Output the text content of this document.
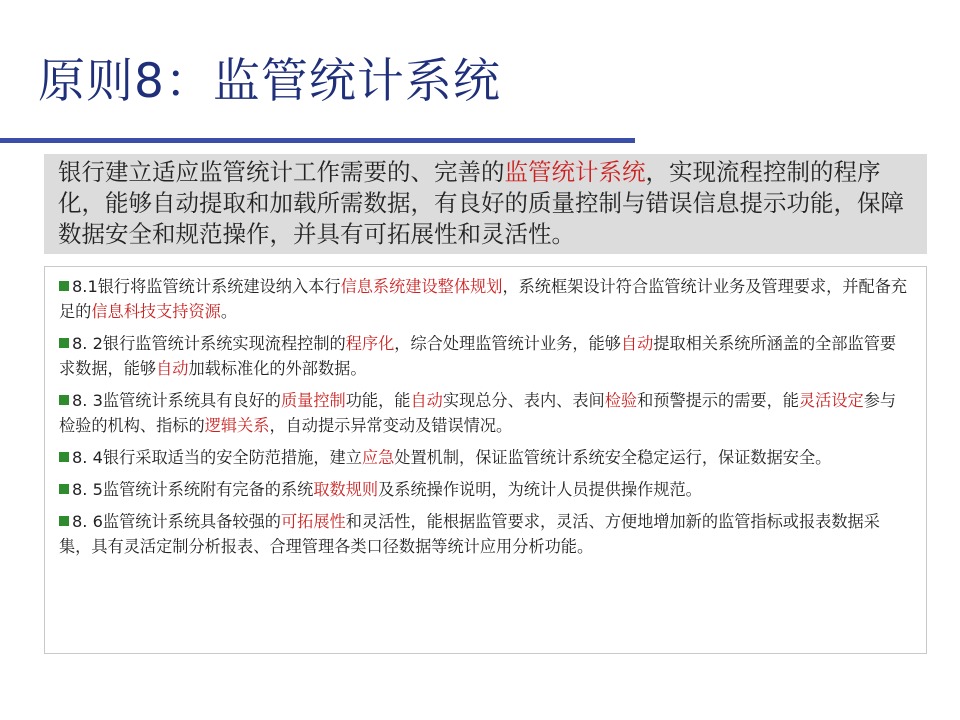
原则8：监管统计系统
银行建立适应监管统计工作需要的、完善的监管统计系统，实现流程控制的程序化，能够自动提取和加载所需数据，有良好的质量控制与错误信息提示功能，保障数据安全和规范操作，并具有可拓展性和灵活性。
8.1银行将监管统计系统建设纳入本行信息系统建设整体规划，系统框架设计符合监管统计业务及管理要求，并配备充足的信息科技支持资源。
8. 2银行监管统计系统实现流程控制的程序化，综合处理监管统计业务，能够自动提取相关系统所涵盖的全部监管要求数据，能够自动加载标准化的外部数据。
8. 3监管统计系统具有良好的质量控制功能，能自动实现总分、表内、表间检验和预警提示的需要，能灵活设定参与检验的机构、指标的逻辑关系，自动提示异常变动及错误情况。
8. 4银行采取适当的安全防范措施，建立应急处置机制，保证监管统计系统安全稳定运行，保证数据安全。
8. 5监管统计系统附有完备的系统取数规则及系统操作说明，为统计人员提供操作规范。
8. 6监管统计系统具备较强的可拓展性和灵活性，能根据监管要求，灵活、方便地增加新的监管指标或报表数据采集，具有灵活定制分析报表、合理管理各类口径数据等统计应用分析功能。
